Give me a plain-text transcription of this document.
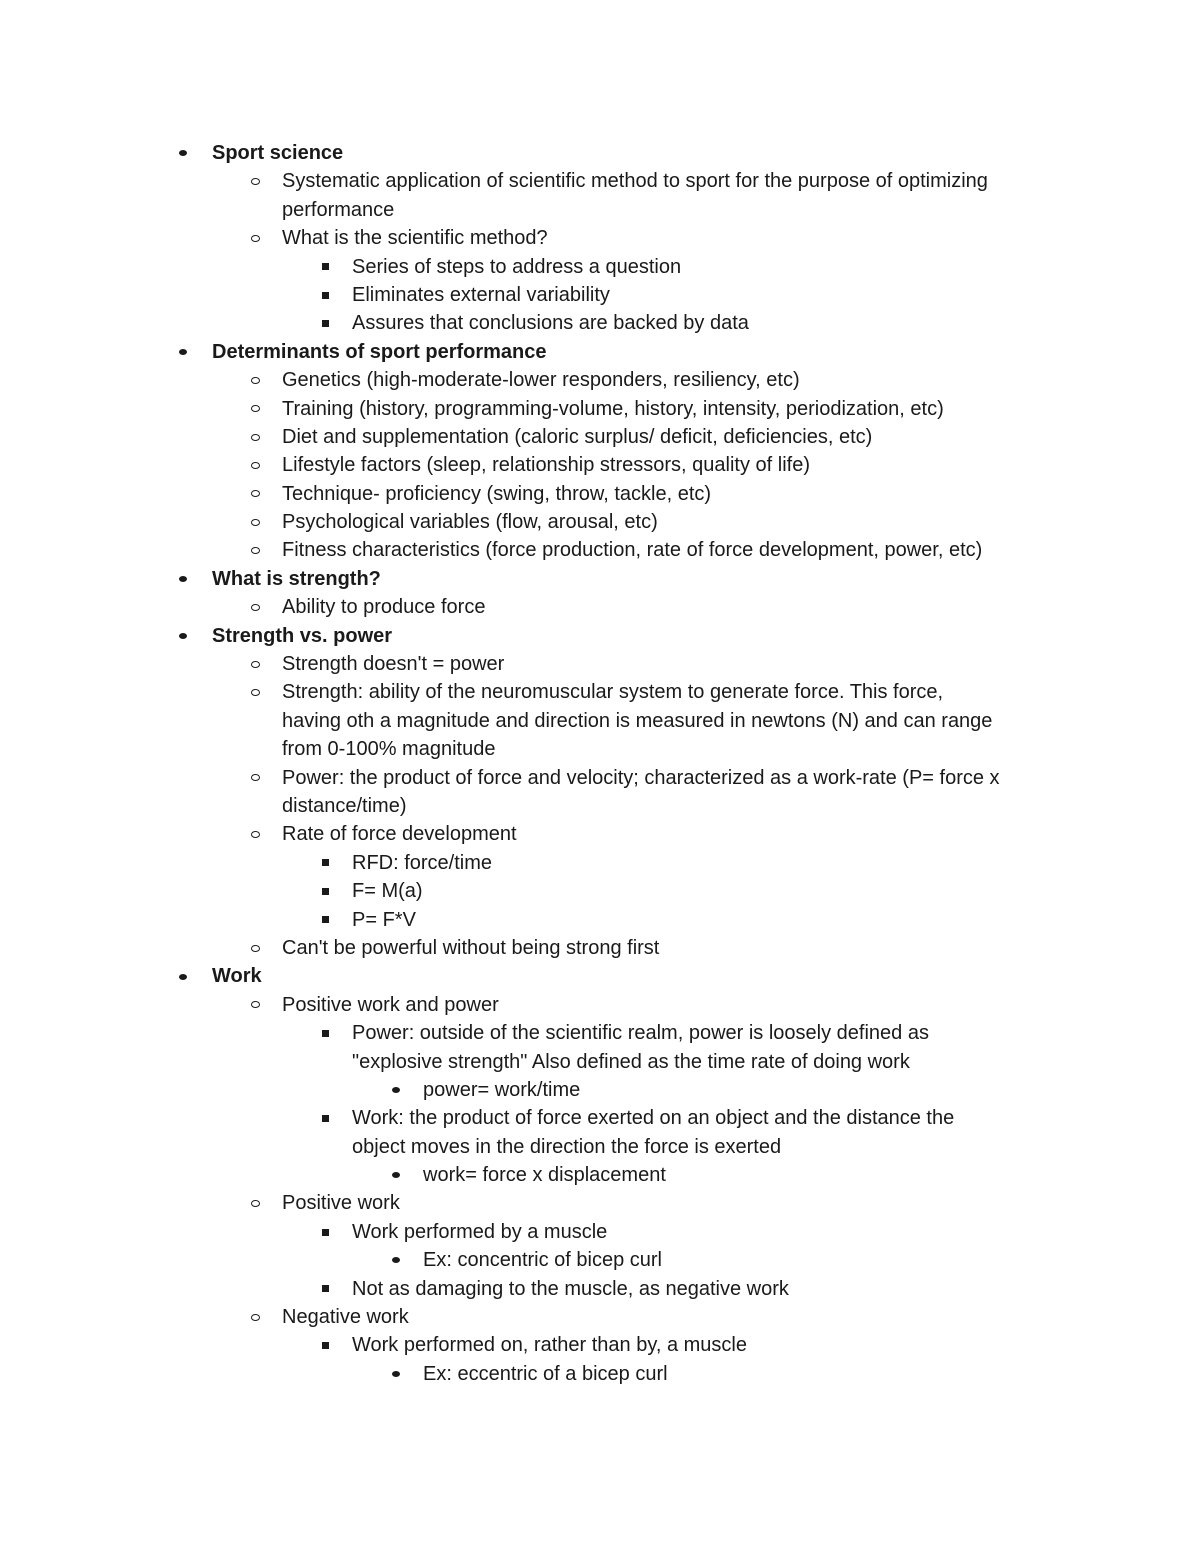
Sport science
Systematic application of scientific method to sport for the purpose of optimizing
performance
What is the scientific method?
Series of steps to address a question
Eliminates external variability
Assures that conclusions are backed by data
Determinants of sport performance
Genetics (high-moderate-lower responders, resiliency, etc)
Training (history, programming-volume, history, intensity, periodization, etc)
Diet and supplementation (caloric surplus/ deficit, deficiencies, etc)
Lifestyle factors (sleep, relationship stressors, quality of life)
Technique- proficiency (swing, throw, tackle, etc)
Psychological variables (flow, arousal, etc)
Fitness characteristics (force production, rate of force development, power, etc)
What is strength?
Ability to produce force
Strength vs. power
Strength doesn't = power
Strength: ability of the neuromuscular system to generate force. This force,
having oth a magnitude and direction is measured in newtons (N) and can range
from 0-100% magnitude
Power: the product of force and velocity; characterized as a work-rate (P= force x
distance/time)
Rate of force development
RFD: force/time
F= M(a)
P= F*V
Can't be powerful without being strong first
Work
Positive work and power
Power: outside of the scientific realm, power is loosely defined as
"explosive strength" Also defined as the time rate of doing work
power= work/time
Work: the product of force exerted on an object and the distance the
object moves in the direction the force is exerted
work= force x displacement
Positive work
Work performed by a muscle
Ex: concentric of bicep curl
Not as damaging to the muscle, as negative work
Negative work
Work performed on, rather than by, a muscle
Ex: eccentric of a bicep curl
